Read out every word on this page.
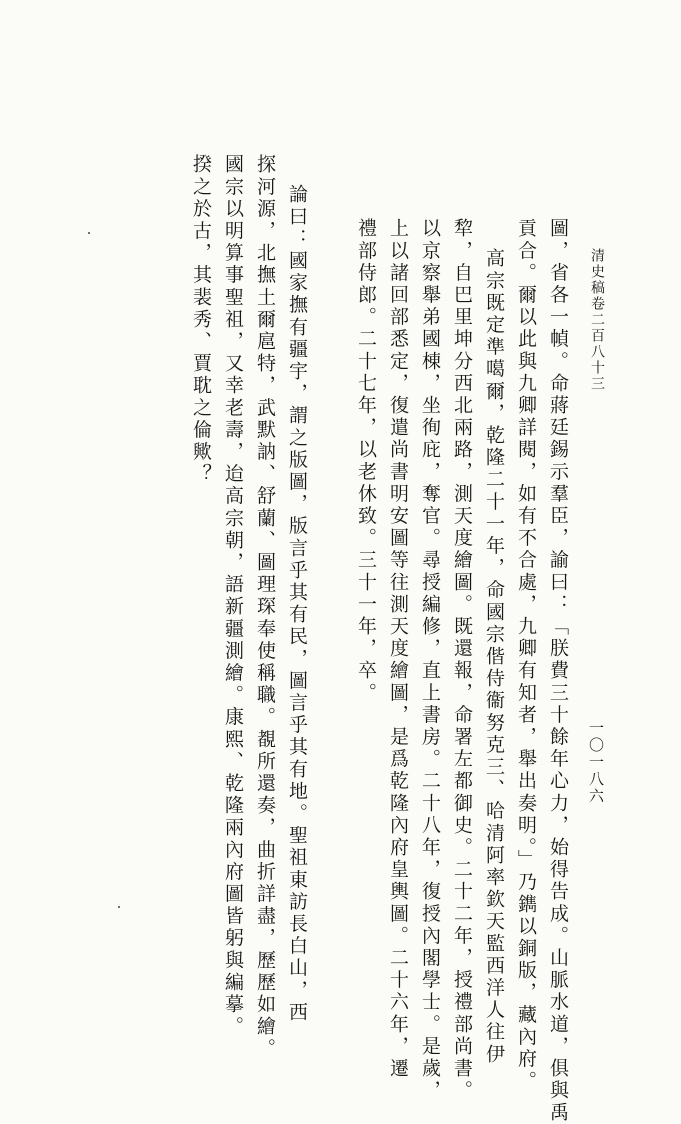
清史稿卷二百八十三
一〇一八六
圖，省各一幀。命蔣廷錫示羣臣，諭曰：「朕費三十餘年心力，始得告成。山脈水道，俱與禹
貢合。爾以此與九卿詳閱，如有不合處，九卿有知者，舉出奏明。」乃鐫以銅版，藏內府。
高宗既定準噶爾，乾隆二十一年，命國宗偕侍衞努克三、哈清阿率欽天監西洋人往伊
犂，自巴里坤分西北兩路，測天度繪圖。既還報，命署左都御史。二十二年，授禮部尚書。
以京察舉弟國棟，坐徇庇，奪官。尋授編修，直上書房。二十八年，復授內閣學士。是歲，
上以諸回部悉定，復遣尚書明安圖等往測天度繪圖，是爲乾隆內府皇輿圖。二十六年，遷
禮部侍郎。二十七年，以老休致。三十一年，卒。
論曰：國家撫有疆宇，謂之版圖，版言乎其有民，圖言乎其有地。聖祖東訪長白山，西
探河源，北撫土爾扈特，武默訥、舒蘭、圖理琛奉使稱職。覩所還奏，曲折詳盡，歷歷如繪。
國宗以明算事聖祖，又幸老壽，迨高宗朝，語新疆測繪。康熙、乾隆兩內府圖皆躬與編摹。
揆之於古，其裴秀、賈耽之倫歟？
